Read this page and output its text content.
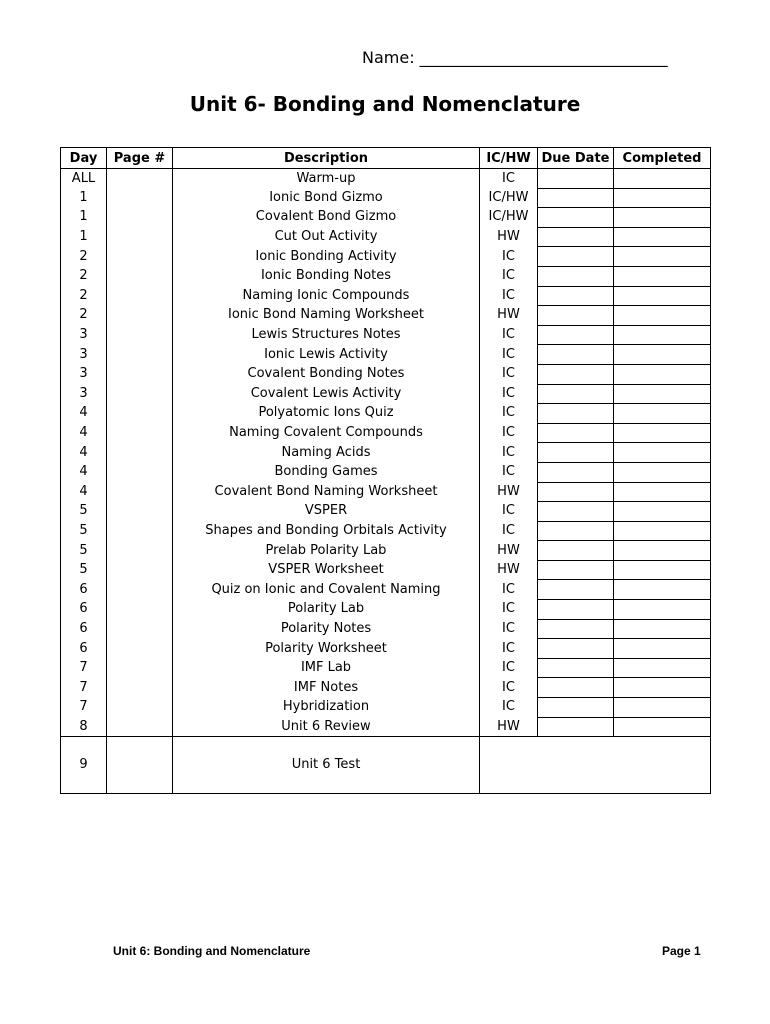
Name: _______________________________
Unit 6- Bonding and Nomenclature
Day	Page #	Description	IC/HW	Due Date	Completed
ALL		Warm-up	IC		
1		Ionic Bond Gizmo	IC/HW		
1		Covalent Bond Gizmo	IC/HW		
1		Cut Out Activity	HW		
2		Ionic Bonding Activity	IC		
2		Ionic Bonding Notes	IC		
2		Naming Ionic Compounds	IC		
2		Ionic Bond Naming Worksheet	HW		
3		Lewis Structures Notes	IC		
3		Ionic Lewis Activity	IC		
3		Covalent Bonding Notes	IC		
3		Covalent Lewis Activity	IC		
4		Polyatomic Ions Quiz	IC		
4		Naming Covalent Compounds	IC		
4		Naming Acids	IC		
4		Bonding Games	IC		
4		Covalent Bond Naming Worksheet	HW		
5		VSPER	IC		
5		Shapes and Bonding Orbitals Activity	IC		
5		Prelab Polarity Lab	HW		
5		VSPER Worksheet	HW		
6		Quiz on Ionic and Covalent Naming	IC		
6		Polarity Lab	IC		
6		Polarity Notes	IC		
6		Polarity Worksheet	IC		
7		IMF Lab	IC		
7		IMF Notes	IC		
7		Hybridization	IC		
8		Unit 6 Review	HW		
9		Unit 6 Test			
Unit 6: Bonding and Nomenclature	Page 1
